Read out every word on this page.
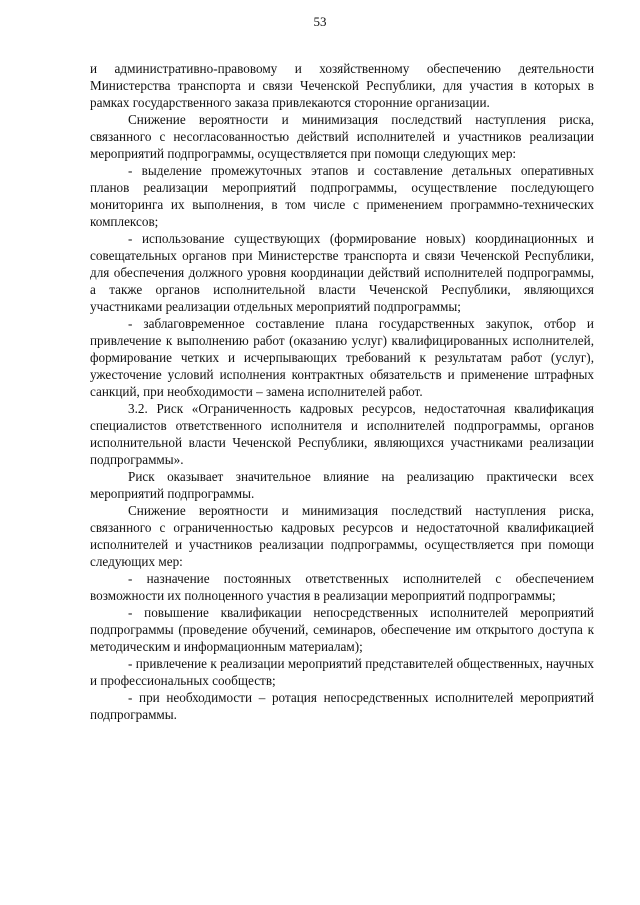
53

и административно-правовому и хозяйственному обеспечению деятельности Министерства транспорта и связи Чеченской Республики, для участия в которых в рамках государственного заказа привлекаются сторонние организации.

Снижение вероятности и минимизация последствий наступления риска, связанного с несогласованностью действий исполнителей и участников реализации мероприятий подпрограммы, осуществляется при помощи следующих мер:

- выделение промежуточных этапов и составление детальных оперативных планов реализации мероприятий подпрограммы, осуществление последующего мониторинга их выполнения, в том числе с применением программно-технических комплексов;

- использование существующих (формирование новых) координационных и совещательных органов при Министерстве транспорта и связи Чеченской Республики, для обеспечения должного уровня координации действий исполнителей подпрограммы, а также органов исполнительной власти Чеченской Республики, являющихся участниками реализации отдельных мероприятий подпрограммы;

- заблаговременное составление плана государственных закупок, отбор и привлечение к выполнению работ (оказанию услуг) квалифицированных исполнителей, формирование четких и исчерпывающих требований к результатам работ (услуг), ужесточение условий исполнения контрактных обязательств и применение штрафных санкций, при необходимости – замена исполнителей работ.

3.2. Риск «Ограниченность кадровых ресурсов, недостаточная квалификация специалистов ответственного исполнителя и исполнителей подпрограммы, органов исполнительной власти Чеченской Республики, являющихся участниками реализации подпрограммы».

Риск оказывает значительное влияние на реализацию практически всех мероприятий подпрограммы.

Снижение вероятности и минимизация последствий наступления риска, связанного с ограниченностью кадровых ресурсов и недостаточной квалификацией исполнителей и участников реализации подпрограммы, осуществляется при помощи следующих мер:

- назначение постоянных ответственных исполнителей с обеспечением возможности их полноценного участия в реализации мероприятий подпрограммы;

- повышение квалификации непосредственных исполнителей мероприятий подпрограммы (проведение обучений, семинаров, обеспечение им открытого доступа к методическим и информационным материалам);

- привлечение к реализации мероприятий представителей общественных, научных и профессиональных сообществ;

- при необходимости – ротация непосредственных исполнителей мероприятий подпрограммы.
